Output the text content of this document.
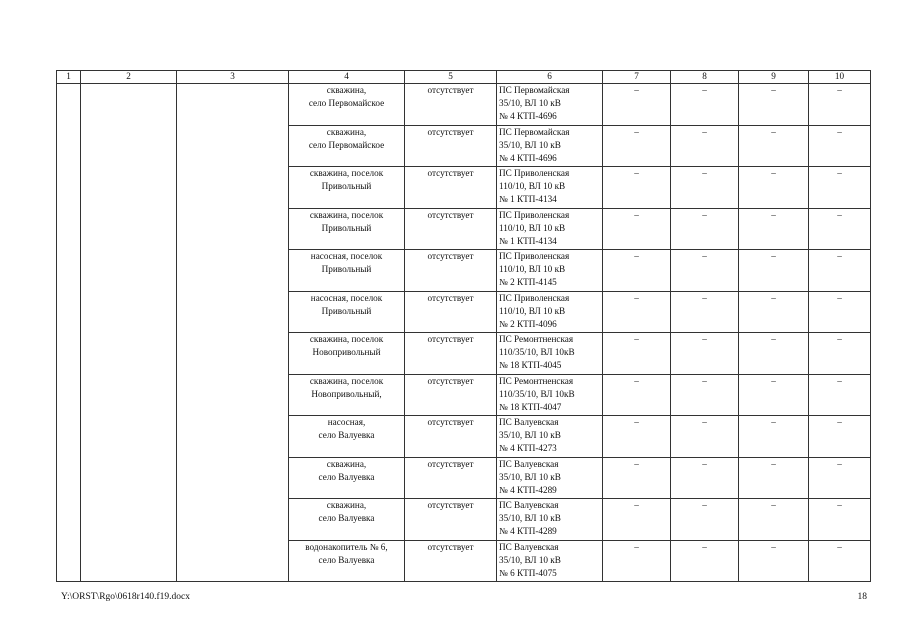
1	2	3	4	5	6	7	8	9	10
			скважина,
село Первомайское	отсутствует	ПС Первомайская
35/10, ВЛ 10 кВ
№ 4 КТП-4696	–	–	–	–
			скважина,
село Первомайское	отсутствует	ПС Первомайская
35/10, ВЛ 10 кВ
№ 4 КТП-4696	–	–	–	–
			скважина, поселок
Привольный	отсутствует	ПС Приволенская
110/10, ВЛ 10 кВ
№ 1 КТП-4134	–	–	–	–
			скважина, поселок
Привольный	отсутствует	ПС Приволенская
110/10, ВЛ 10 кВ
№ 1 КТП-4134	–	–	–	–
			насосная, поселок
Привольный	отсутствует	ПС Приволенская
110/10, ВЛ 10 кВ
№ 2 КТП-4145	–	–	–	–
			насосная, поселок
Привольный	отсутствует	ПС Приволенская
110/10, ВЛ 10 кВ
№ 2 КТП-4096	–	–	–	–
			скважина, поселок
Новопривольный	отсутствует	ПС Ремонтненская
110/35/10, ВЛ 10кВ
№ 18 КТП-4045	–	–	–	–
			скважина, поселок
Новопривольный,	отсутствует	ПС Ремонтненская
110/35/10, ВЛ 10кВ
№ 18 КТП-4047	–	–	–	–
			насосная,
село Валуевка	отсутствует	ПС Валуевская
35/10, ВЛ 10 кВ
№ 4 КТП-4273	–	–	–	–
			скважина,
село Валуевка	отсутствует	ПС Валуевская
35/10, ВЛ 10 кВ
№ 4 КТП-4289	–	–	–	–
			скважина,
село Валуевка	отсутствует	ПС Валуевская
35/10, ВЛ 10 кВ
№ 4 КТП-4289	–	–	–	–
			водонакопитель № 6,
село Валуевка	отсутствует	ПС Валуевская
35/10, ВЛ 10 кВ
№ 6 КТП-4075	–	–	–	–
Y:\ORST\Rgo\0618r140.f19.docx	18
